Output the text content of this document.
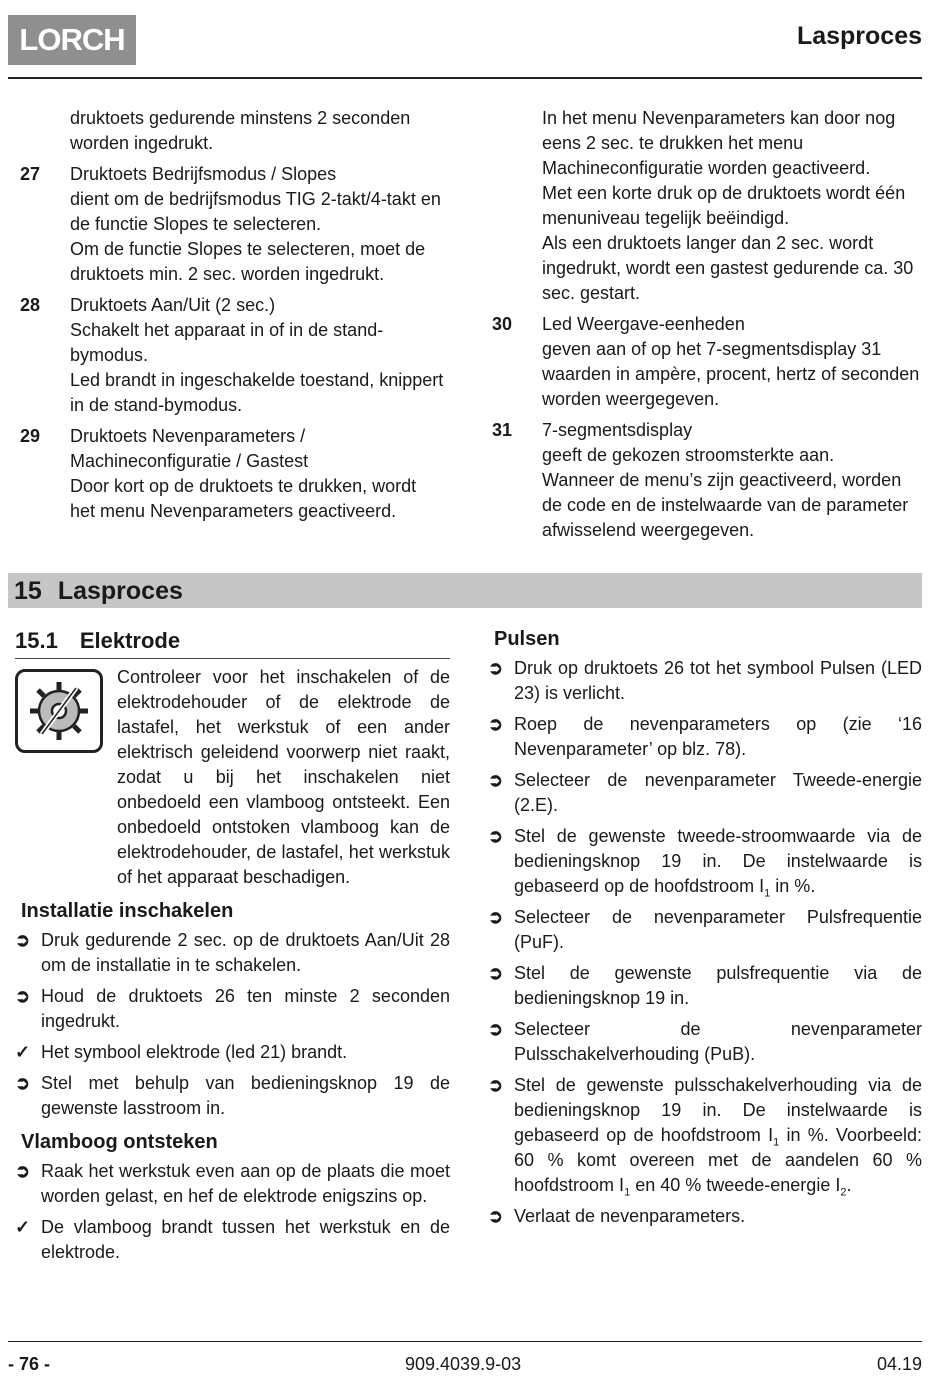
LORCH	Lasproces

druktoets gedurende minstens 2 seconden worden ingedrukt.

27	Druktoets Bedrijfsmodus / Slopes

dient om de bedrijfsmodus TIG 2-takt/4-takt en de functie Slopes te selecteren.

Om de functie Slopes te selecteren, moet de druktoets min. 2 sec. worden ingedrukt.

28	Druktoets Aan/Uit (2 sec.)

Schakelt het apparaat in of in de stand-bymodus.

Led brandt in ingeschakelde toestand, knippert in de stand-bymodus.

29	Druktoets Nevenparameters / Machineconfiguratie / Gastest

Door kort op de druktoets te drukken, wordt het menu Nevenparameters geactiveerd.

In het menu Nevenparameters kan door nog eens 2 sec. te drukken het menu Machineconfiguratie worden geactiveerd.

Met een korte druk op de druktoets wordt één menuniveau tegelijk beëindigd.

Als een druktoets langer dan 2 sec. wordt ingedrukt, wordt een gastest gedurende ca. 30 sec. gestart.

30	Led Weergave-eenheden

geven aan of op het 7-segmentsdisplay 31 waarden in ampère, procent, hertz of seconden worden weergegeven.

31	7-segmentsdisplay

geeft de gekozen stroomsterkte aan.

Wanneer de menu’s zijn geactiveerd, worden de code en de instelwaarde van de parameter afwisselend weergegeven.

15 Lasproces
15.1 Elektrode

Controleer voor het inschakelen of de elektrodehouder of de elektrode de lastafel, het werkstuk of een ander elektrisch geleidend voorwerp niet raakt, zodat u bij het inschakelen niet onbedoeld een vlamboog ontsteekt. Een onbedoeld ontstoken vlamboog kan de elektrodehouder, de lastafel, het werkstuk of het apparaat beschadigen.

Installatie inschakelen
➲ Druk gedurende 2 sec. op de druktoets Aan/Uit 28 om de installatie in te schakelen.
➲ Houd de druktoets 26 ten minste 2 seconden ingedrukt.
✓ Het symbool elektrode (led 21) brandt.
➲ Stel met behulp van bedieningsknop 19 de gewenste lasstroom in.
Vlamboog ontsteken
➲ Raak het werkstuk even aan op de plaats die moet worden gelast, en hef de elektrode enigszins op.
✓ De vlamboog brandt tussen het werkstuk en de elektrode.
Pulsen
➲ Druk op druktoets 26 tot het symbool Pulsen (LED 23) is verlicht.
➲ Roep de nevenparameters op (zie ‘16 Nevenparameter’ op blz. 78).
➲ Selecteer de nevenparameter Tweede-energie (2.E).
➲ Stel de gewenste tweede-stroomwaarde via de bedieningsknop 19 in. De instelwaarde is gebaseerd op de hoofdstroom $I_1$ in %.
➲ Selecteer de nevenparameter Pulsfrequentie (PuF).
➲ Stel de gewenste pulsfrequentie via de bedieningsknop 19 in.
➲ Selecteer de nevenparameter Pulsschakelverhouding (PuB).
➲ Stel de gewenste pulsschakelverhouding via de bedieningsknop 19 in. De instelwaarde is gebaseerd op de hoofdstroom $I_1$ in %. Voorbeeld: 60 % komt overeen met de aandelen 60 % hoofdstroom $I_1$ en 40 % tweede-energie $I_2$.
➲ Verlaat de nevenparameters.
- 76 -	909.4039.9-03	04.19
